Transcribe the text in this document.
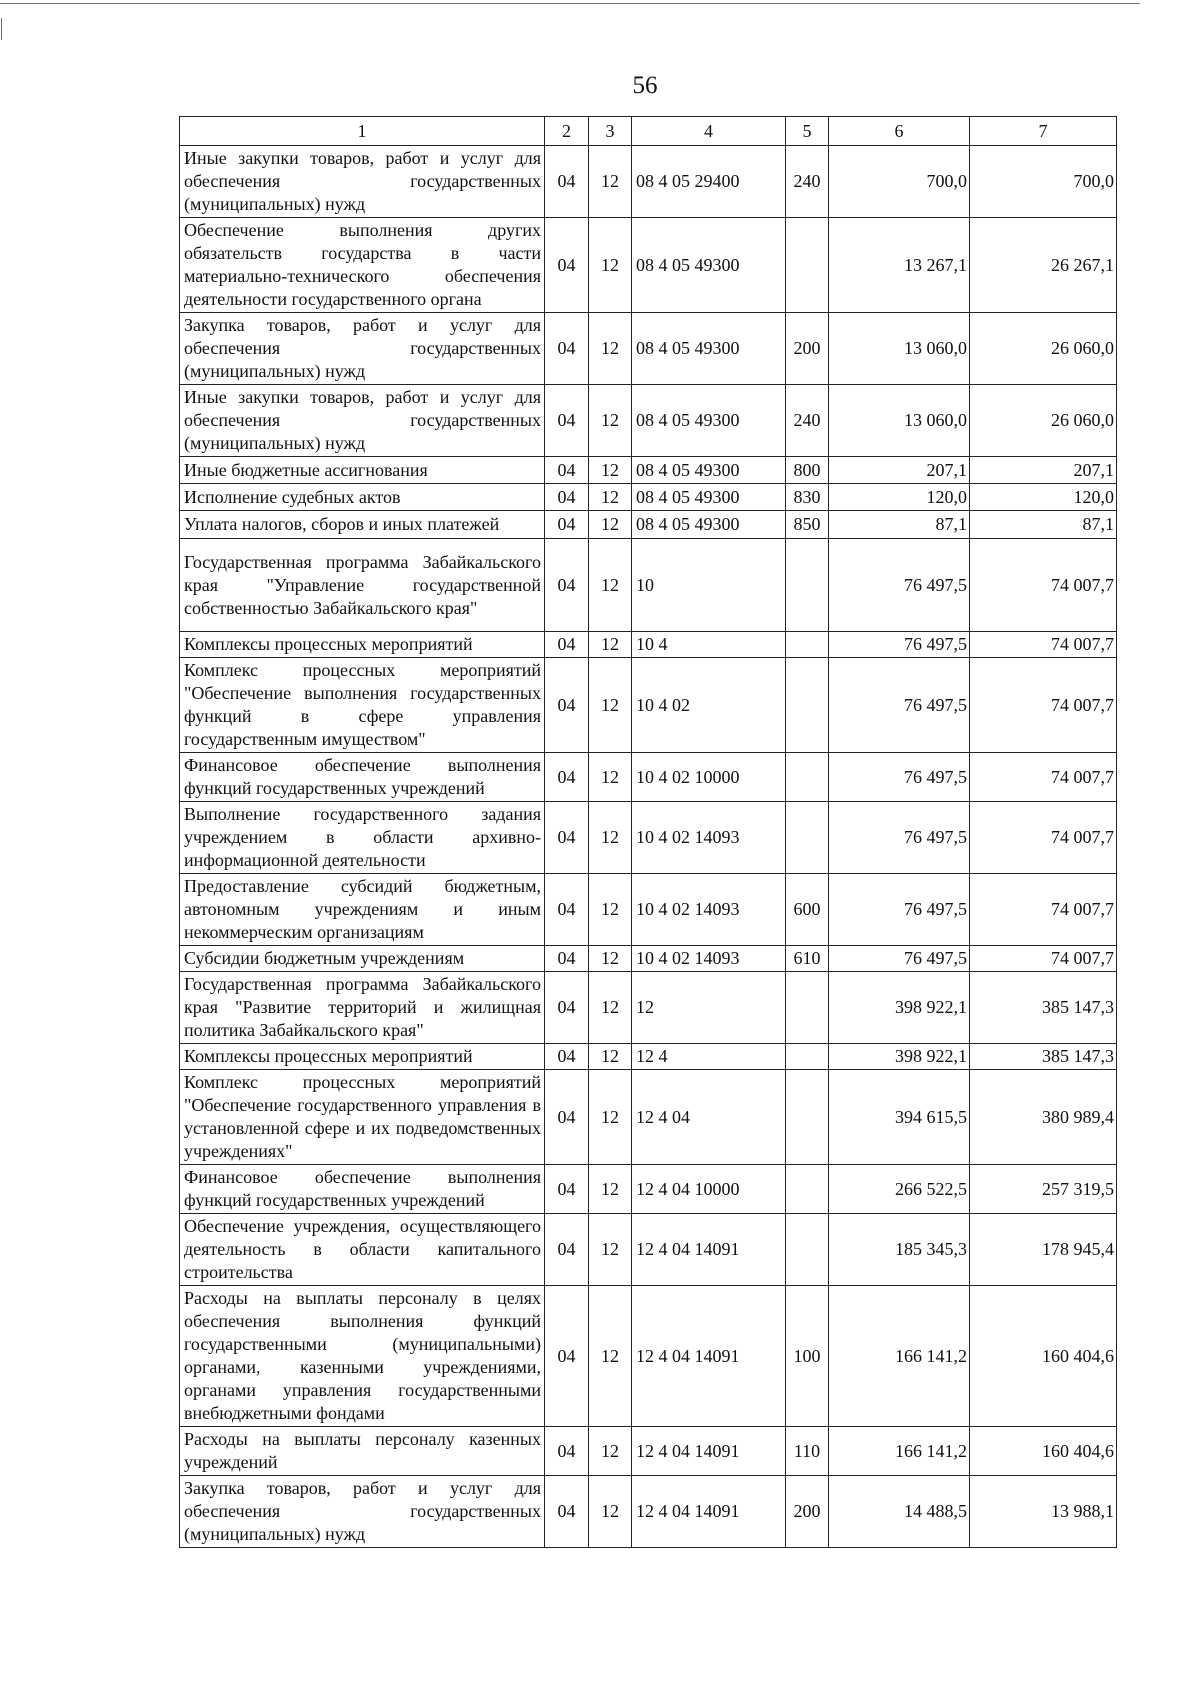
56
1	2	3	4	5	6	7
Иные закупки товаров, работ и услуг для обеспечения государственных (муниципальных) нужд	04	12	08 4 05 29400	240	700,0	700,0
Обеспечение выполнения других обязательств государства в части материально-технического обеспечения деятельности государственного органа	04	12	08 4 05 49300		13 267,1	26 267,1
Закупка товаров, работ и услуг для обеспечения государственных (муниципальных) нужд	04	12	08 4 05 49300	200	13 060,0	26 060,0
Иные закупки товаров, работ и услуг для обеспечения государственных (муниципальных) нужд	04	12	08 4 05 49300	240	13 060,0	26 060,0
Иные бюджетные ассигнования	04	12	08 4 05 49300	800	207,1	207,1
Исполнение судебных актов	04	12	08 4 05 49300	830	120,0	120,0
Уплата налогов, сборов и иных платежей	04	12	08 4 05 49300	850	87,1	87,1
Государственная программа Забайкальского края "Управление государственной собственностью Забайкальского края"	04	12	10		76 497,5	74 007,7
Комплексы процессных мероприятий	04	12	10 4		76 497,5	74 007,7
Комплекс процессных мероприятий "Обеспечение выполнения государственных функций в сфере управления государственным имуществом"	04	12	10 4 02		76 497,5	74 007,7
Финансовое обеспечение выполнения функций государственных учреждений	04	12	10 4 02 10000		76 497,5	74 007,7
Выполнение государственного задания учреждением в области архивно-информационной деятельности	04	12	10 4 02 14093		76 497,5	74 007,7
Предоставление субсидий бюджетным, автономным учреждениям и иным некоммерческим организациям	04	12	10 4 02 14093	600	76 497,5	74 007,7
Субсидии бюджетным учреждениям	04	12	10 4 02 14093	610	76 497,5	74 007,7
Государственная программа Забайкальского края "Развитие территорий и жилищная политика Забайкальского края"	04	12	12		398 922,1	385 147,3
Комплексы процессных мероприятий	04	12	12 4		398 922,1	385 147,3
Комплекс процессных мероприятий "Обеспечение государственного управления в установленной сфере и их подведомственных учреждениях"	04	12	12 4 04		394 615,5	380 989,4
Финансовое обеспечение выполнения функций государственных учреждений	04	12	12 4 04 10000		266 522,5	257 319,5
Обеспечение учреждения, осуществляющего деятельность в области капитального строительства	04	12	12 4 04 14091		185 345,3	178 945,4
Расходы на выплаты персоналу в целях обеспечения выполнения функций государственными (муниципальными) органами, казенными учреждениями, органами управления государственными внебюджетными фондами	04	12	12 4 04 14091	100	166 141,2	160 404,6
Расходы на выплаты персоналу казенных учреждений	04	12	12 4 04 14091	110	166 141,2	160 404,6
Закупка товаров, работ и услуг для обеспечения государственных (муниципальных) нужд	04	12	12 4 04 14091	200	14 488,5	13 988,1
